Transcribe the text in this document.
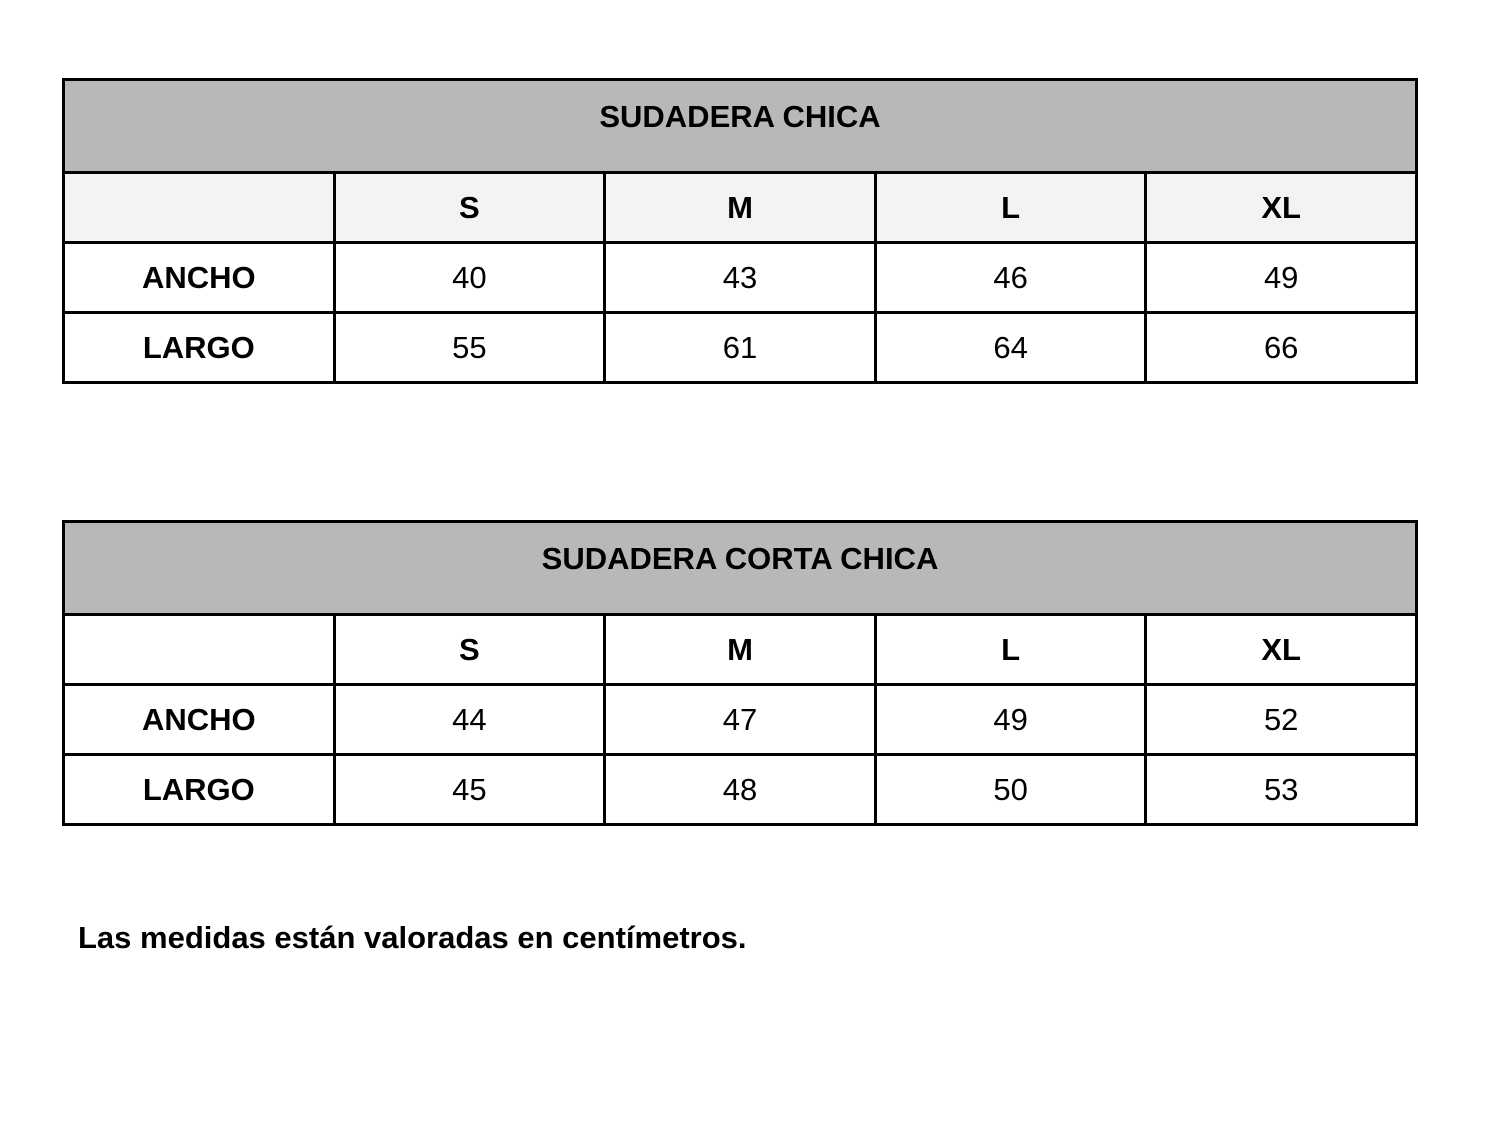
SUDADERA CHICA				
	S	M	L	XL
ANCHO	40	43	46	49
LARGO	55	61	64	66
SUDADERA CORTA CHICA				
	S	M	L	XL
ANCHO	44	47	49	52
LARGO	45	48	50	53

Las medidas están valoradas en centímetros.
